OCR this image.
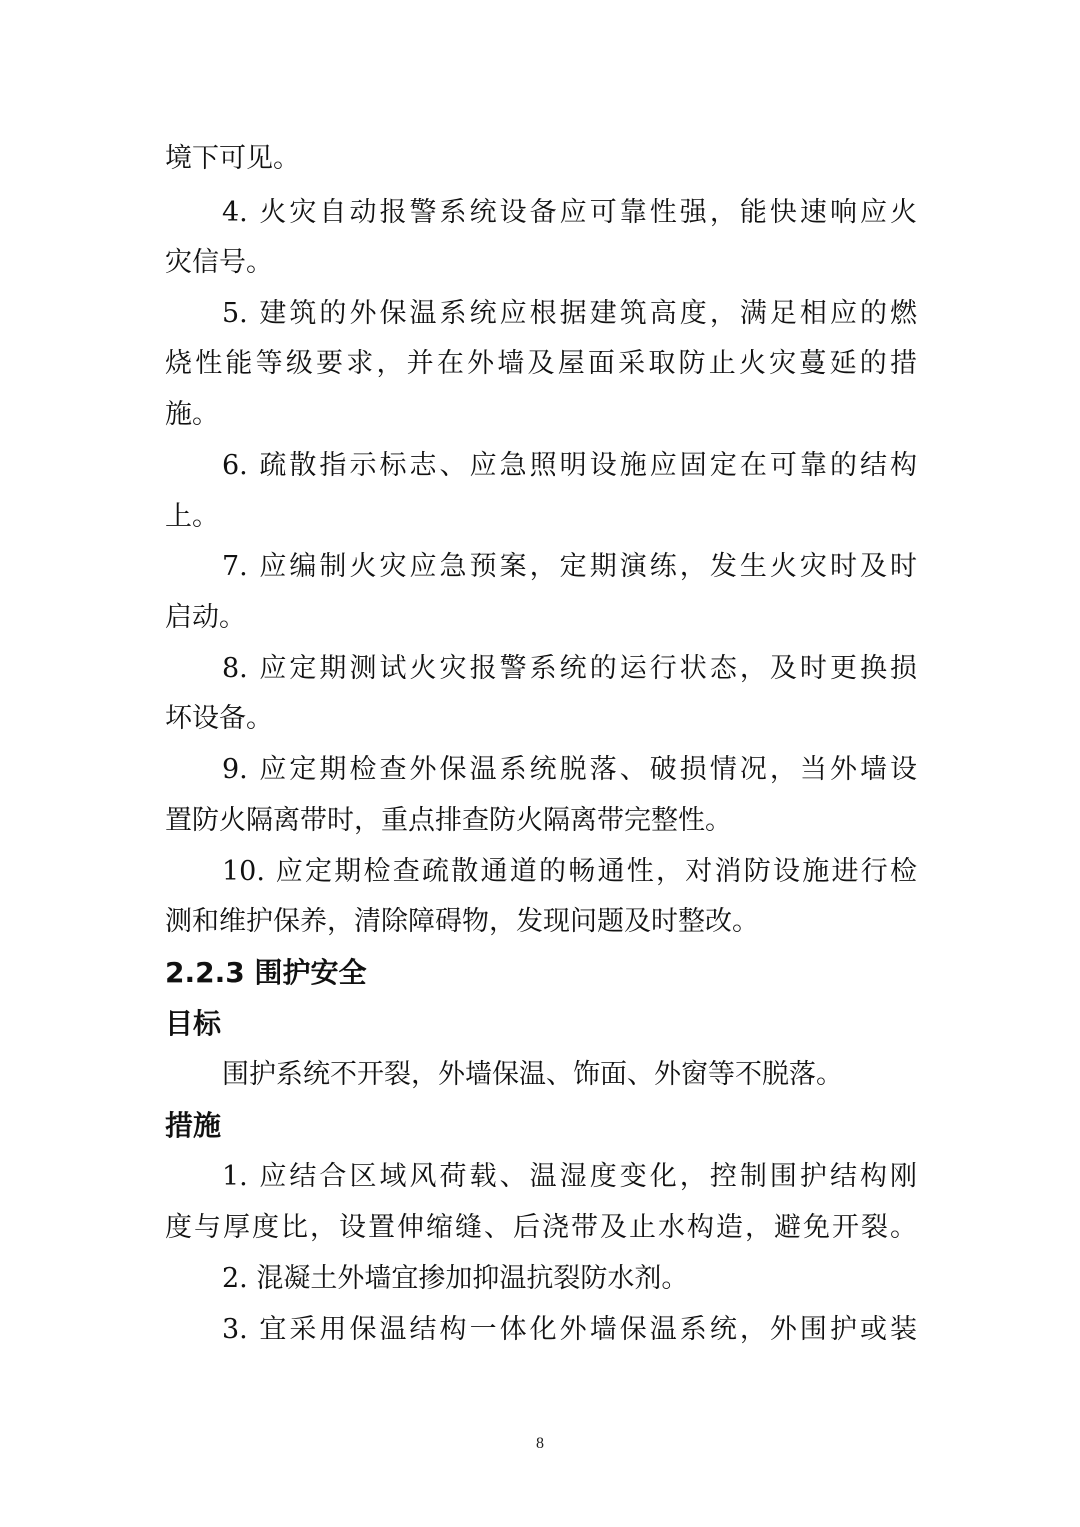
境下可见。
4. 火灾自动报警系统设备应可靠性强，能快速响应火
灾信号。
5. 建筑的外保温系统应根据建筑高度，满足相应的燃
烧性能等级要求，并在外墙及屋面采取防止火灾蔓延的措
施。
6. 疏散指示标志、应急照明设施应固定在可靠的结构
上。
7. 应编制火灾应急预案，定期演练，发生火灾时及时
启动。
8. 应定期测试火灾报警系统的运行状态，及时更换损
坏设备。
9. 应定期检查外保温系统脱落、破损情况，当外墙设
置防火隔离带时，重点排查防火隔离带完整性。
10. 应定期检查疏散通道的畅通性，对消防设施进行检
测和维护保养，清除障碍物，发现问题及时整改。
2.2.3 围护安全
目标
围护系统不开裂，外墙保温、饰面、外窗等不脱落。
措施
1. 应结合区域风荷载、温湿度变化，控制围护结构刚
度与厚度比，设置伸缩缝、后浇带及止水构造，避免开裂。
2. 混凝土外墙宜掺加抑温抗裂防水剂。
3. 宜采用保温结构一体化外墙保温系统，外围护或装
8
